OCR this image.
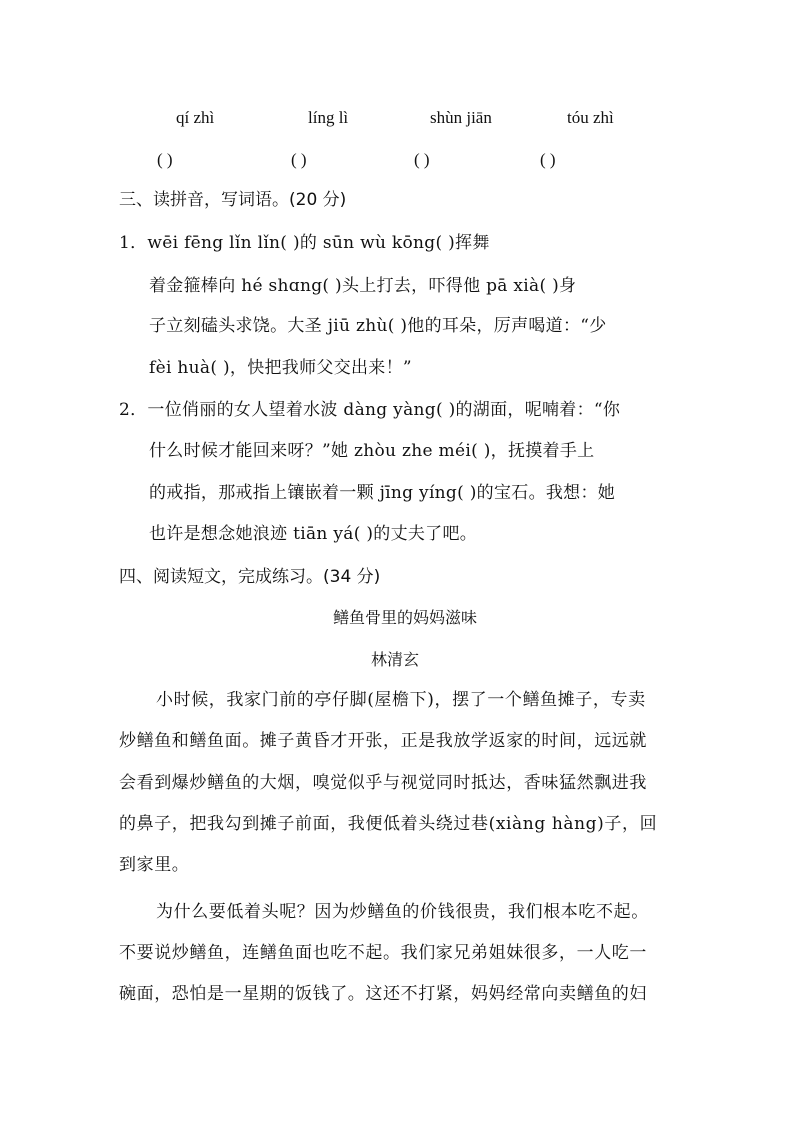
qí zhì	líng lì	shùn jiān	tóu zhì
( )	( )	( )	( )
三、读拼音，写词语。(20 分)
1．wēi fēng lǐn lǐn( )的 sūn wù kōng( )挥舞
着金箍棒向 hé shɑng( )头上打去，吓得他 pā xià( )身
子立刻磕头求饶。大圣 jiū zhù( )他的耳朵，厉声喝道：“少
fèi huà( )，快把我师父交出来！”
2．一位俏丽的女人望着水波 dàng yàng( )的湖面，呢喃着：“你
什么时候才能回来呀？”她 zhòu zhe méi( )，抚摸着手上
的戒指，那戒指上镶嵌着一颗 jīng yíng( )的宝石。我想：她
也许是想念她浪迹 tiān yá( )的丈夫了吧。
四、阅读短文，完成练习。(34 分)
鳝鱼骨里的妈妈滋味
林清玄
小时候，我家门前的亭仔脚(屋檐下)，摆了一个鳝鱼摊子，专卖
炒鳝鱼和鳝鱼面。摊子黄昏才开张，正是我放学返家的时间，远远就
会看到爆炒鳝鱼的大烟，嗅觉似乎与视觉同时抵达，香味猛然飘进我
的鼻子，把我勾到摊子前面，我便低着头绕过巷(xiàng hàng)子，回
到家里。
为什么要低着头呢？因为炒鳝鱼的价钱很贵，我们根本吃不起。
不要说炒鳝鱼，连鳝鱼面也吃不起。我们家兄弟姐妹很多，一人吃一
碗面，恐怕是一星期的饭钱了。这还不打紧，妈妈经常向卖鳝鱼的妇
